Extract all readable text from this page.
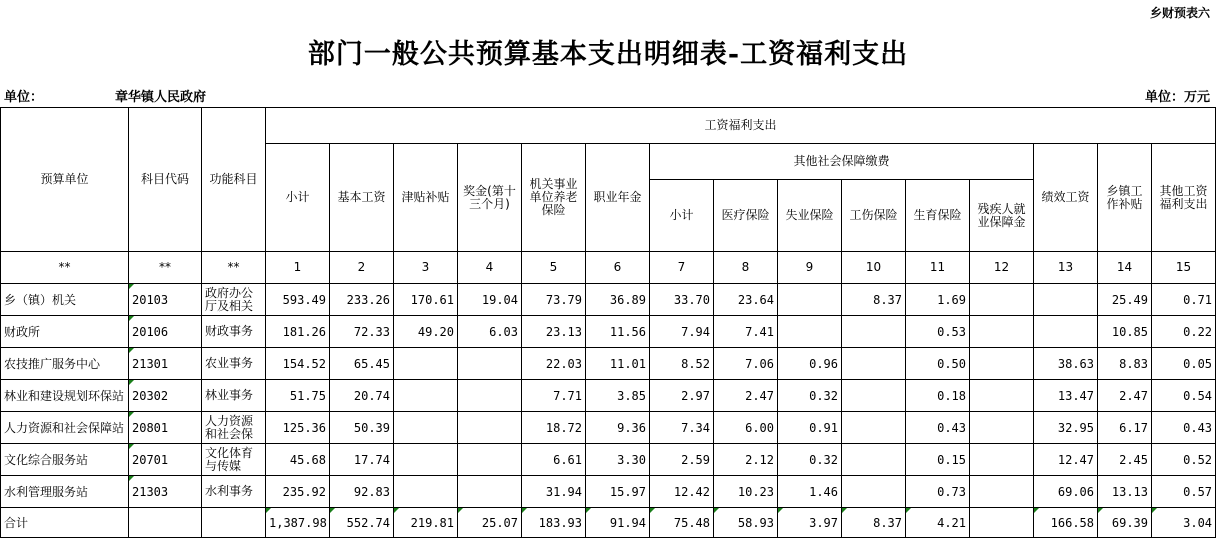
乡财预表六
部门一般公共预算基本支出明细表-工资福利支出
单位：	章华镇人民政府	单位：万元
预算单位	科目代码	功能科目	工资福利支出														
			小计	基本工资	津贴补贴	奖金(第十三个月)	机关事业单位养老保险	职业年金	其他社会保障缴费						绩效工资	乡镇工作补贴	其他工资福利支出
									小计	医疗保险	失业保险	工伤保险	生育保险	残疾人就业保障金			
**	**	**	1	2	3	4	5	6	7	8	9	10	11	12	13	14	15
乡（镇）机关	20103	政府办公厅及相关	593.49	233.26	170.61	19.04	73.79	36.89	33.70	23.64		8.37	1.69			25.49	0.71
财政所	20106	财政事务	181.26	72.33	49.20	6.03	23.13	11.56	7.94	7.41			0.53			10.85	0.22
农技推广服务中心	21301	农业事务	154.52	65.45			22.03	11.01	8.52	7.06	0.96		0.50		38.63	8.83	0.05
林业和建设规划环保站	20302	林业事务	51.75	20.74			7.71	3.85	2.97	2.47	0.32		0.18		13.47	2.47	0.54
人力资源和社会保障站	20801	人力资源和社会保	125.36	50.39			18.72	9.36	7.34	6.00	0.91		0.43		32.95	6.17	0.43
文化综合服务站	20701	文化体育与传媒	45.68	17.74			6.61	3.30	2.59	2.12	0.32		0.15		12.47	2.45	0.52
水利管理服务站	21303	水利事务	235.92	92.83			31.94	15.97	12.42	10.23	1.46		0.73		69.06	13.13	0.57
合计			1,387.98	552.74	219.81	25.07	183.93	91.94	75.48	58.93	3.97	8.37	4.21		166.58	69.39	3.04
